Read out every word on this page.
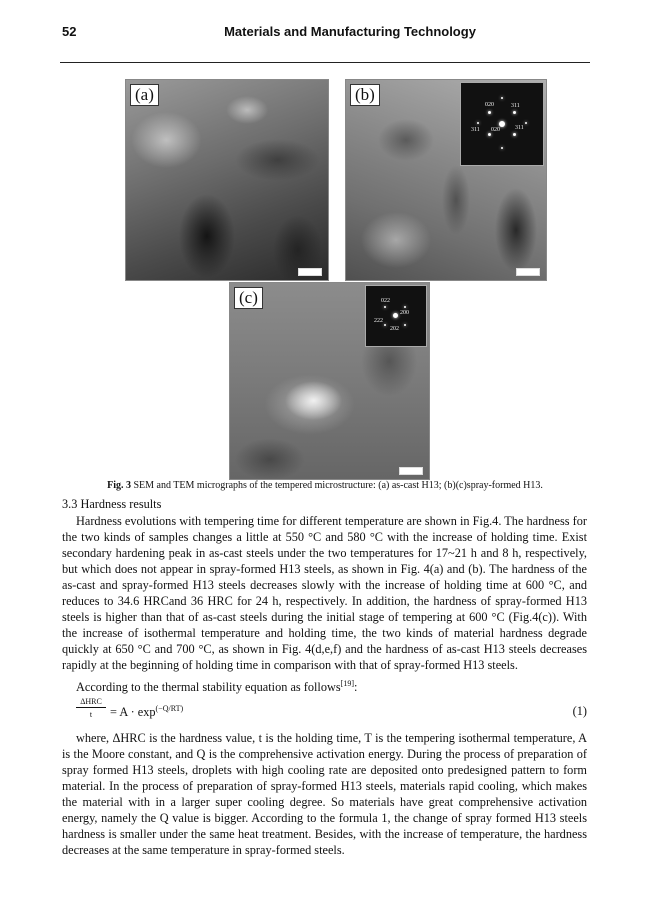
52	Materials and Manufacturing Technology
(a)	(b)
020	311
311 020	311
(c)	022
200
222
202
Fig. 3 SEM and TEM micrographs of the tempered microstructure: (a) as-cast H13; (b)(c)spray-formed H13.
3.3 Hardness results

Hardness evolutions with tempering time for different temperature are shown in Fig.4. The hardness for the two kinds of samples changes a little at 550 °C and 580 °C with the increase of holding time. Exist secondary hardening peak in as-cast steels under the two temperatures for 17~21 h and 8 h, respectively, but which does not appear in spray-formed H13 steels, as shown in Fig. 4(a) and (b). The hardness of the as-cast and spray-formed H13 steels decreases slowly with the increase of holding time at 600 °C, and reduces to 34.6 HRCand 36 HRC for 24 h, respectively. In addition, the hardness of spray-formed H13 steels is higher than that of as-cast steels during the initial stage of tempering at 600 °C (Fig.4(c)). With the increase of isothermal temperature and holding time, the two kinds of material hardness degrade quickly at 650 °C and 700 °C, as shown in Fig. 4(d,e,f) and the hardness of as-cast H13 steels decreases rapidly at the beginning of holding time in comparison with that of spray-formed H13 steels.

According to the thermal stability equation as follows[19]:

ΔHRC
t	= $A \cdot \exp^{(-Q/RT)}$	(1)

where, ΔHRC is the hardness value, t is the holding time, T is the tempering isothermal temperature, A is the Moore constant, and Q is the comprehensive activation energy. During the process of preparation of spray formed H13 steels, droplets with high cooling rate are deposited onto predesigned pattern to form material. In the process of preparation of spray-formed H13 steels, materials rapid cooling, which makes the material with in a larger super cooling degree. So materials have great comprehensive activation energy, namely the Q value is bigger. According to the formula 1, the change of spray formed H13 steels hardness is smaller under the same heat treatment. Besides, with the increase of temperature, the hardness decreases at the same temperature in spray-formed steels.
